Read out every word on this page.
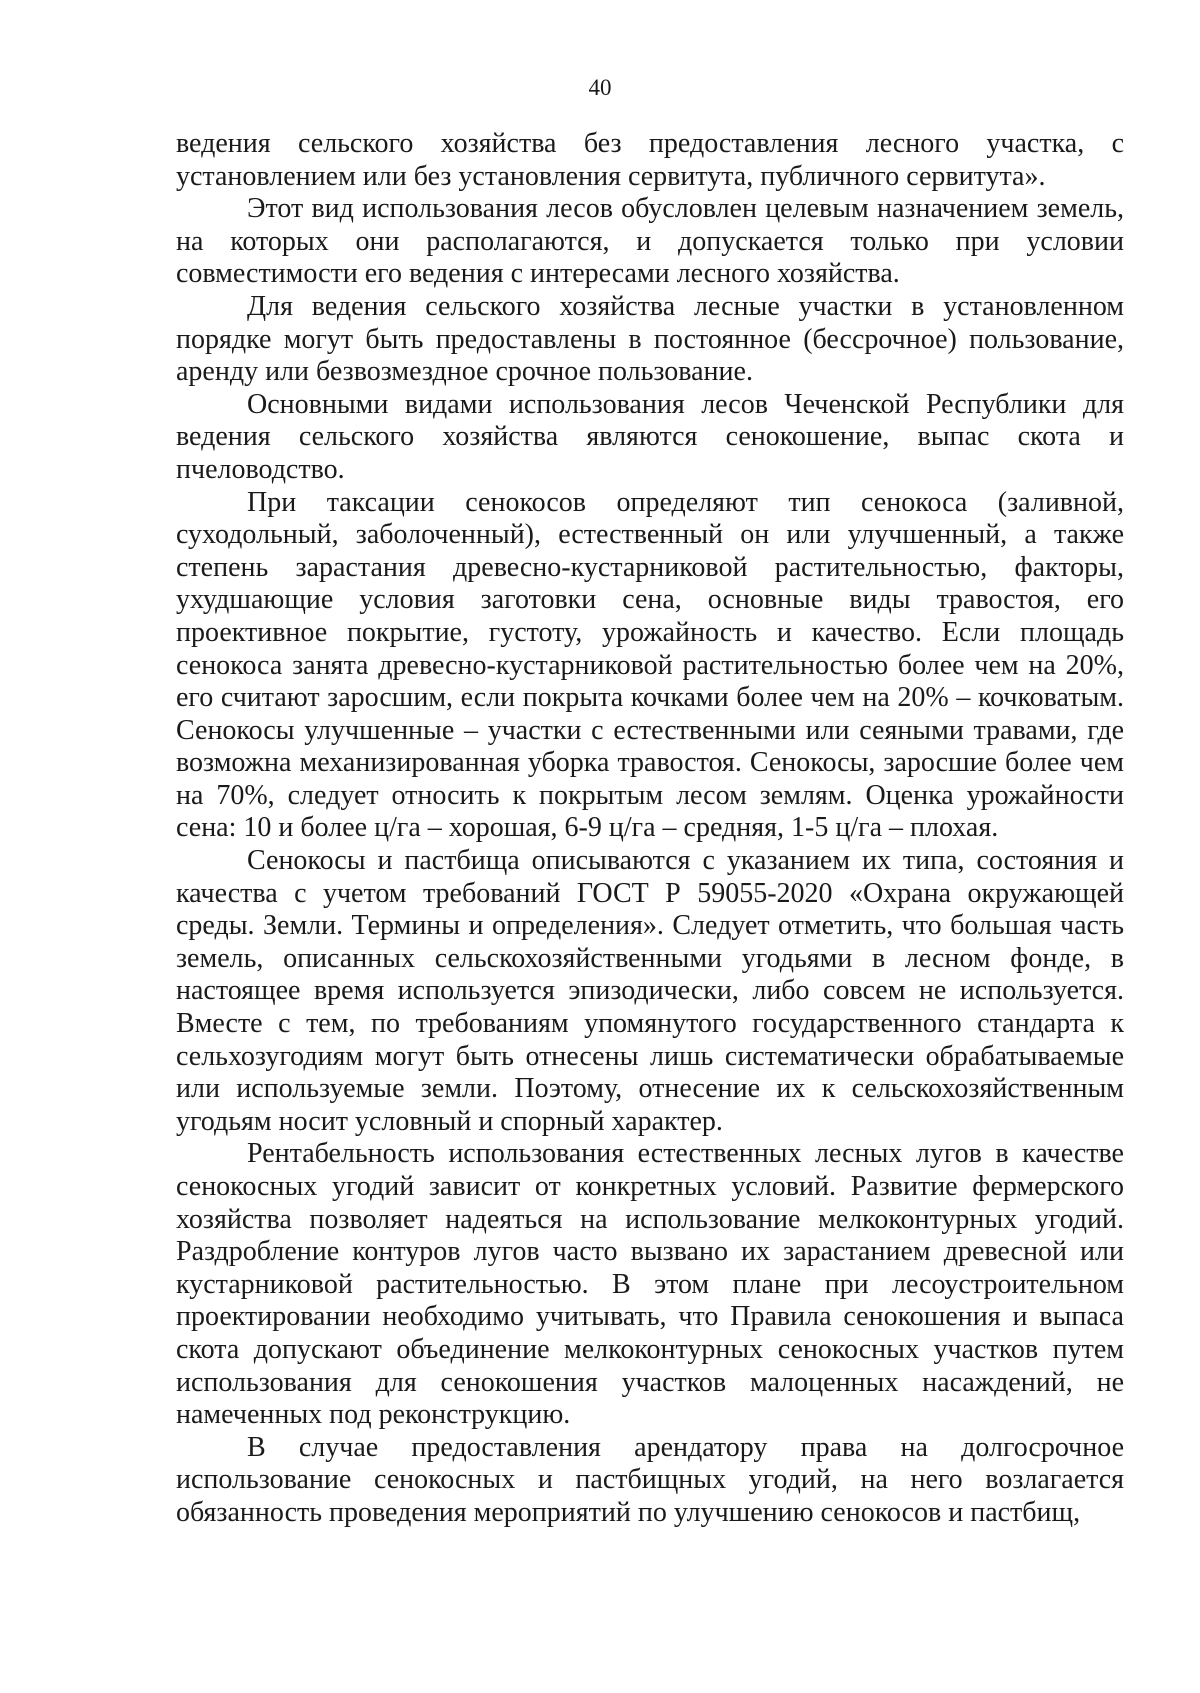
40

ведения сельского хозяйства без предоставления лесного участка, с установлением или без установления сервитута, публичного сервитута».

Этот вид использования лесов обусловлен целевым назначением земель, на которых они располагаются, и допускается только при условии совместимости его ведения с интересами лесного хозяйства.

Для ведения сельского хозяйства лесные участки в установленном порядке могут быть предоставлены в постоянное (бессрочное) пользование, аренду или безвозмездное срочное пользование.

Основными видами использования лесов Чеченской Республики для ведения сельского хозяйства являются сенокошение, выпас скота и пчеловодство.

При таксации сенокосов определяют тип сенокоса (заливной, суходольный, заболоченный), естественный он или улучшенный, а также степень зарастания древесно-кустарниковой растительностью, факторы, ухудшающие условия заготовки сена, основные виды травостоя, его проективное покрытие, густоту, урожайность и качество. Если площадь сенокоса занята древесно-кустарниковой растительностью более чем на 20%, его считают заросшим, если покрыта кочками более чем на 20% – кочковатым. Сенокосы улучшенные – участки с естественными или сеяными травами, где возможна механизированная уборка травостоя. Сенокосы, заросшие более чем на 70%, следует относить к покрытым лесом землям. Оценка урожайности сена: 10 и более ц/га – хорошая, 6-9 ц/га – средняя, 1-5 ц/га – плохая.

Сенокосы и пастбища описываются с указанием их типа, состояния и качества с учетом требований ГОСТ Р 59055-2020 «Охрана окружающей среды. Земли. Термины и определения». Следует отметить, что большая часть земель, описанных сельскохозяйственными угодьями в лесном фонде, в настоящее время используется эпизодически, либо совсем не используется. Вместе с тем, по требованиям упомянутого государственного стандарта к сельхозугодиям могут быть отнесены лишь систематически обрабатываемые или используемые земли. Поэтому, отнесение их к сельскохозяйственным угодьям носит условный и спорный характер.

Рентабельность использования естественных лесных лугов в качестве сенокосных угодий зависит от конкретных условий. Развитие фермерского хозяйства позволяет надеяться на использование мелкоконтурных угодий. Раздробление контуров лугов часто вызвано их зарастанием древесной или кустарниковой растительностью. В этом плане при лесоустроительном проектировании необходимо учитывать, что Правила сенокошения и выпаса скота допускают объединение мелкоконтурных сенокосных участков путем использования для сенокошения участков малоценных насаждений, не намеченных под реконструкцию.

В случае предоставления арендатору права на долгосрочное использование сенокосных и пастбищных угодий, на него возлагается обязанность проведения мероприятий по улучшению сенокосов и пастбищ,
